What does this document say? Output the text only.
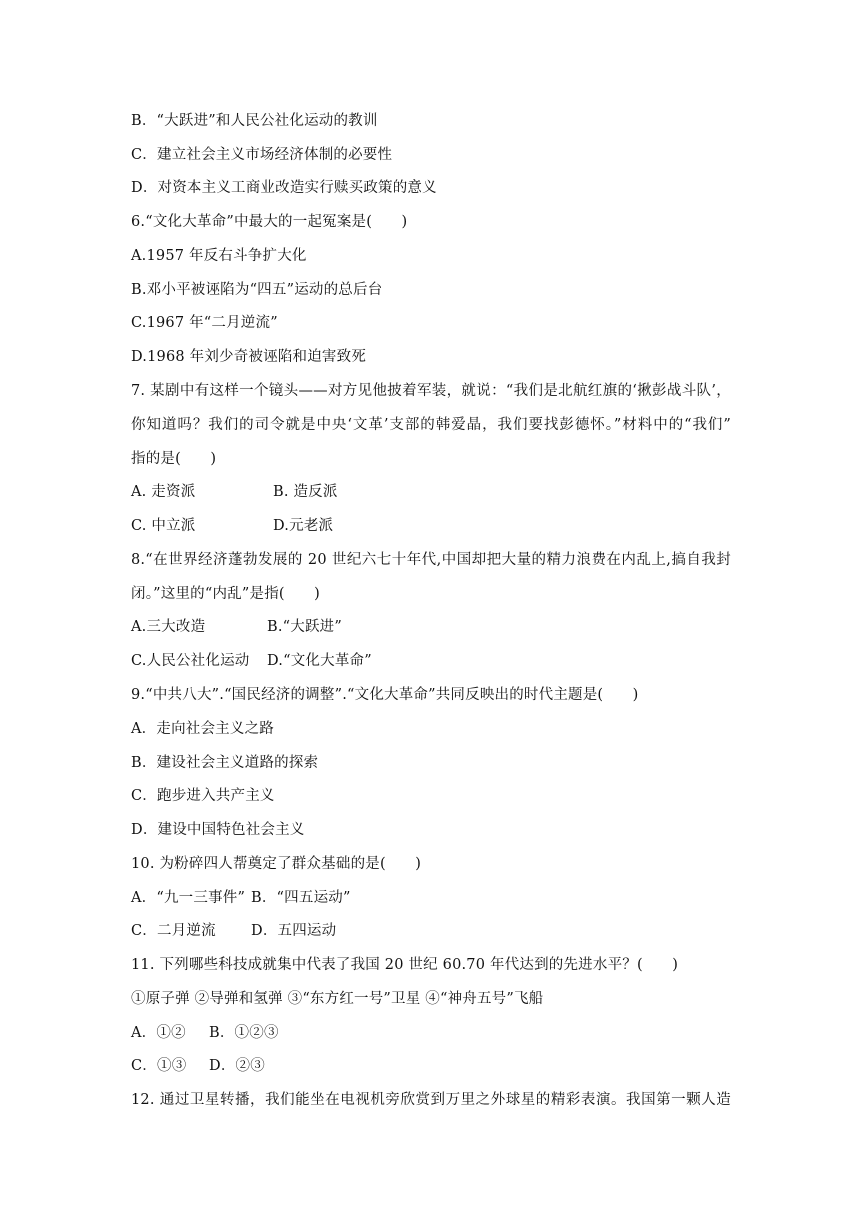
B．“大跃进”和人民公社化运动的教训
C．建立社会主义市场经济体制的必要性
D．对资本主义工商业改造实行赎买政策的意义
6.“文化大革命”中最大的一起冤案是(　　)
A.1957 年反右斗争扩大化
B.邓小平被诬陷为“四五”运动的总后台
C.1967 年“二月逆流”
D.1968 年刘少奇被诬陷和迫害致死
7. 某剧中有这样一个镜头——对方见他披着军装，就说：“我们是北航红旗的‘揪彭战斗队’，
你知道吗？我们的司令就是中央‘文革’支部的韩爱晶，我们要找彭德怀。”材料中的“我们”
指的是(　　)
A. 走资派	B. 造反派
C. 中立派	D.元老派
8.“在世界经济蓬勃发展的 20 世纪六七十年代,中国却把大量的精力浪费在内乱上,搞自我封
闭。”这里的“内乱”是指(　　)
A.三大改造	B.“大跃进”
C.人民公社化运动 D.“文化大革命”
9.“中共八大”.“国民经济的调整”.“文化大革命”共同反映出的时代主题是(　　)
A．走向社会主义之路
B．建设社会主义道路的探索
C．跑步进入共产主义
D．建设中国特色社会主义
10. 为粉碎四人帮奠定了群众基础的是(　　)
A．“九一三事件” B．“四五运动”
C．二月逆流 D．五四运动
11. 下列哪些科技成就集中代表了我国 20 世纪 60.70 年代达到的先进水平？(　　)
①原子弹 ②导弹和氢弹 ③“东方红一号”卫星 ④“神舟五号”飞船
A．①② B．①②③
C．①③ D．②③
12. 通过卫星转播，我们能坐在电视机旁欣赏到万里之外球星的精彩表演。我国第一颗人造
